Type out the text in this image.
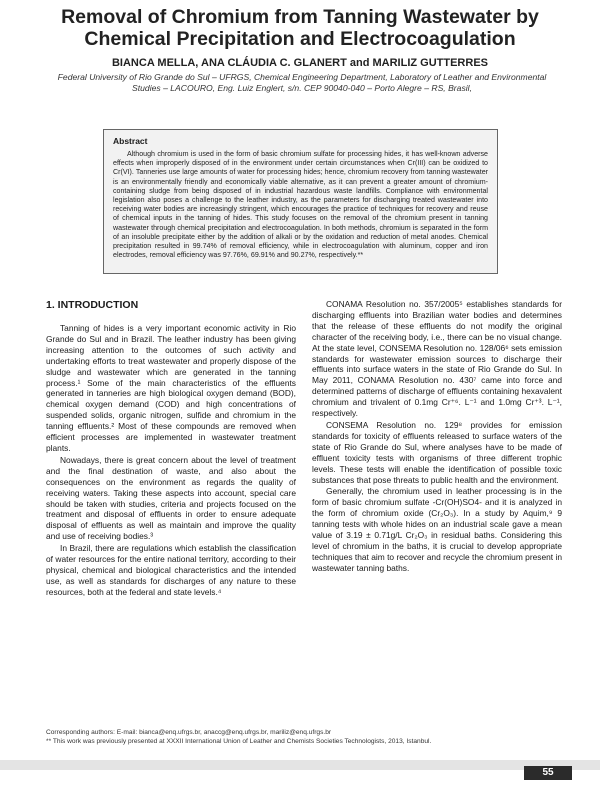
Removal of Chromium from Tanning Wastewater by Chemical Precipitation and Electrocoagulation
BIANCA MELLA, ANA CLÁUDIA C. GLANERT and MARILIZ GUTTERRES
Federal University of Rio Grande do Sul – UFRGS, Chemical Engineering Department, Laboratory of Leather and Environmental Studies – LACOURO, Eng. Luiz Englert, s/n. CEP 90040-040 – Porto Alegre – RS, Brasil,
Abstract

Although chromium is used in the form of basic chromium sulfate for processing hides, it has well-known adverse effects when improperly disposed of in the environment under certain circumstances when Cr(III) can be oxidized to Cr(VI). Tanneries use large amounts of water for processing hides; hence, chromium recovery from tanning wastewater is an environmentally friendly and economically viable alternative, as it can prevent a greater amount of chromium-containing sludge from being disposed of in industrial hazardous waste landfills. Compliance with environmental legislation also poses a challenge to the leather industry, as the parameters for discharging treated wastewater into receiving water bodies are increasingly stringent, which encourages the practice of techniques for recovery and reuse of chemical inputs in the tanning of hides. This study focuses on the removal of the chromium present in tanning wastewater through chemical precipitation and electrocoagulation. In both methods, chromium is separated in the form of an insoluble precipitate either by the addition of alkali or by the oxidation and reduction of metal anodes. Chemical precipitation resulted in 99.74% of removal efficiency, while in electrocoagulation with aluminum, copper and iron electrodes, removal efficiency was 97.76%, 69.91% and 90.27%, respectively.**

1. INTRODUCTION

Tanning of hides is a very important economic activity in Rio Grande do Sul and in Brazil. The leather industry has been giving increasing attention to the outcomes of such activity and undertaking efforts to treat wastewater and properly dispose of the sludge and wastewater which are generated in the tanning process.¹ Some of the main characteristics of the effluents generated in tanneries are high biological oxygen demand (BOD), chemical oxygen demand (COD) and high concentrations of suspended solids, organic nitrogen, sulfide and chromium in the tanning effluents.² Most of these compounds are removed when efficient processes are implemented in wastewater treatment plants.

Nowadays, there is great concern about the level of treatment and the final destination of waste, and also about the consequences on the environment as regards the quality of receiving waters. Taking these aspects into account, special care should be taken with studies, criteria and projects focused on the treatment and disposal of effluents in order to ensure adequate disposal of effluents as well as maintain and improve the quality and use of receiving bodies.³

In Brazil, there are regulations which establish the classification of water resources for the entire national territory, according to their physical, chemical and biological characteristics and the intended use, as well as standards for discharges of any nature to these resources, both at the federal and state levels.⁴

CONAMA Resolution no. 357/2005⁵ establishes standards for discharging effluents into Brazilian water bodies and determines that the release of these effluents do not modify the original character of the receiving body, i.e., there can be no visual change. At the state level, CONSEMA Resolution no. 128/06⁶ sets emission standards for wastewater emission sources to discharge their effluents into surface waters in the state of Rio Grande do Sul. In May 2011, CONAMA Resolution no. 430⁷ came into force and determined patterns of discharge of effluents containing hexavalent chromium and trivalent of 0.1mg Cr⁺⁶. L⁻¹ and 1.0mg Cr⁺³. L⁻¹, respectively.

CONSEMA Resolution no. 129⁸ provides for emission standards for toxicity of effluents released to surface waters of the state of Rio Grande do Sul, where analyses have to be made of effluent toxicity tests with organisms of three different trophic levels. These tests will enable the identification of possible toxic substances that pose threats to public health and the environment.

Generally, the chromium used in leather processing is in the form of basic chromium sulfate -Cr(OH)SO4- and it is analyzed in the form of chromium oxide (Cr₂O₃). In a study by Aquim,⁹ 9 tanning tests with whole hides on an industrial scale gave a mean value of 3.19 ± 0.71g/L Cr₂O₃ in residual baths. Considering this level of chromium in the baths, it is crucial to develop appropriate techniques that aim to recover and recycle the chromium present in wastewater tanning baths.

Corresponding authors: E-mail: bianca@enq.ufrgs.br, anaccg@enq.ufrgs.br, mariliz@enq.ufrgs.br
** This work was previously presented at XXXII International Union of Leather and Chemists Societies Technologists, 2013, Istanbul.
55
